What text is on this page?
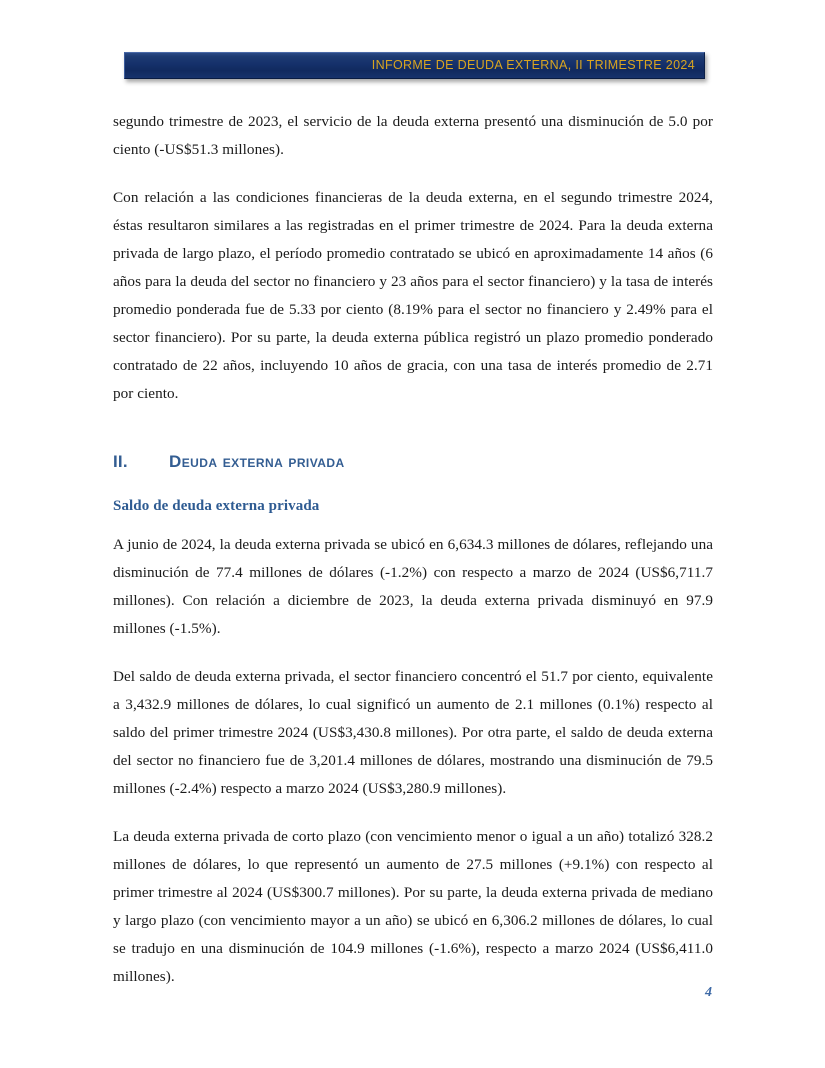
INFORME DE DEUDA EXTERNA, II TRIMESTRE 2024

segundo trimestre de 2023, el servicio de la deuda externa presentó una disminución de 5.0 por ciento (-US$51.3 millones).

Con relación a las condiciones financieras de la deuda externa, en el segundo trimestre 2024, éstas resultaron similares a las registradas en el primer trimestre de 2024. Para la deuda externa privada de largo plazo, el período promedio contratado se ubicó en aproximadamente 14 años (6 años para la deuda del sector no financiero y 23 años para el sector financiero) y la tasa de interés promedio ponderada fue de 5.33 por ciento (8.19% para el sector no financiero y 2.49% para el sector financiero). Por su parte, la deuda externa pública registró un plazo promedio ponderado contratado de 22 años, incluyendo 10 años de gracia, con una tasa de interés promedio de 2.71 por ciento.

II.	Deuda externa privada
Saldo de deuda externa privada

A junio de 2024, la deuda externa privada se ubicó en 6,634.3 millones de dólares, reflejando una disminución de 77.4 millones de dólares (-1.2%) con respecto a marzo de 2024 (US$6,711.7 millones). Con relación a diciembre de 2023, la deuda externa privada disminuyó en 97.9 millones (-1.5%).

Del saldo de deuda externa privada, el sector financiero concentró el 51.7 por ciento, equivalente a 3,432.9 millones de dólares, lo cual significó un aumento de 2.1 millones (0.1%) respecto al saldo del primer trimestre 2024 (US$3,430.8 millones). Por otra parte, el saldo de deuda externa del sector no financiero fue de 3,201.4 millones de dólares, mostrando una disminución de 79.5 millones (-2.4%) respecto a marzo 2024 (US$3,280.9 millones).

La deuda externa privada de corto plazo (con vencimiento menor o igual a un año) totalizó 328.2 millones de dólares, lo que representó un aumento de 27.5 millones (+9.1%) con respecto al primer trimestre al 2024 (US$300.7 millones). Por su parte, la deuda externa privada de mediano y largo plazo (con vencimiento mayor a un año) se ubicó en 6,306.2 millones de dólares, lo cual se tradujo en una disminución de 104.9 millones (-1.6%), respecto a marzo 2024 (US$6,411.0 millones).

4
